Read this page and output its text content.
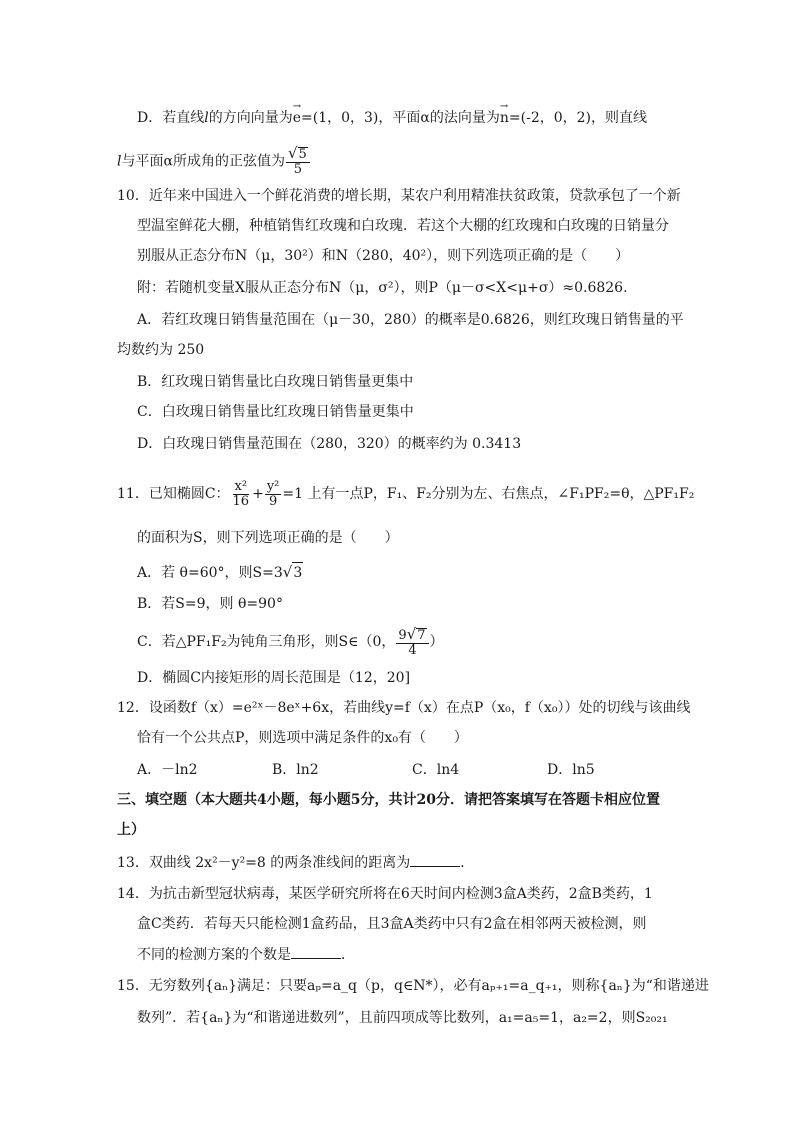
D．若直线l的方向向量为→ e=(1，0，3)，平面α的法向量为→ n=(-2，0，2)，则直线
l与平面α所成角的正弦值为 $\frac{√5}{5}$
10．近年来中国进入一个鲜花消费的增长期，某农户利用精准扶贫政策，贷款承包了一个新
型温室鲜花大棚，种植销售红玫瑰和白玫瑰．若这个大棚的红玫瑰和白玫瑰的日销量分
别服从正态分布N（μ，30²）和N（280，40²），则下列选项正确的是（　　）
附：若随机变量X服从正态分布N（μ，σ²），则P（μ－σ<X<μ+σ）≈0.6826.
A．若红玫瑰日销售量范围在（μ－30，280）的概率是0.6826，则红玫瑰日销售量的平
均数约为 250
B．红玫瑰日销售量比白玫瑰日销售量更集中
C．白玫瑰日销售量比红玫瑰日销售量更集中
D．白玫瑰日销售量范围在（280，320）的概率约为 0.3413
11．已知椭圆C： $\frac{\text{x²}}{16} + \frac{\text{y²}}{9} =1$ 上有一点P，F₁、F₂分别为左、右焦点，∠F₁PF₂=θ，△PF₁F₂
的面积为S，则下列选项正确的是（　　）
A．若 θ=60°，则S=3√3
B．若S=9，则 θ=90°
C．若△PF₁F₂为钝角三角形，则S∈（0， $\frac{9√7}{4}$ ）
D．椭圆C内接矩形的周长范围是（12，20]
12．设函数f（x）=e²ˣ－8eˣ+6x，若曲线y=f（x）在点P（x₀，f（x₀））处的切线与该曲线
恰有一个公共点P，则选项中满足条件的x₀有（　　）
A．－ln2	B．ln2	C．ln4	D．ln5
三、填空题（本大题共4小题，每小题5分，共计20分．请把答案填写在答题卡相应位置
上）
13．双曲线 2x²－y²=8 的两条准线间的距离为	．
14．为抗击新型冠状病毒，某医学研究所将在6天时间内检测3盒A类药，2盒B类药，1
盒C类药．若每天只能检测1盒药品，且3盒A类药中只有2盒在相邻两天被检测，则
不同的检测方案的个数是	．
15．无穷数列{aₙ}满足：只要aₚ=a_q（p，q∈N*），必有aₚ₊₁=a_q₊₁，则称{aₙ}为“和谐递进
数列”．若{aₙ}为“和谐递进数列”，且前四项成等比数列，a₁=a₅=1，a₂=2，则S₂₀₂₁
